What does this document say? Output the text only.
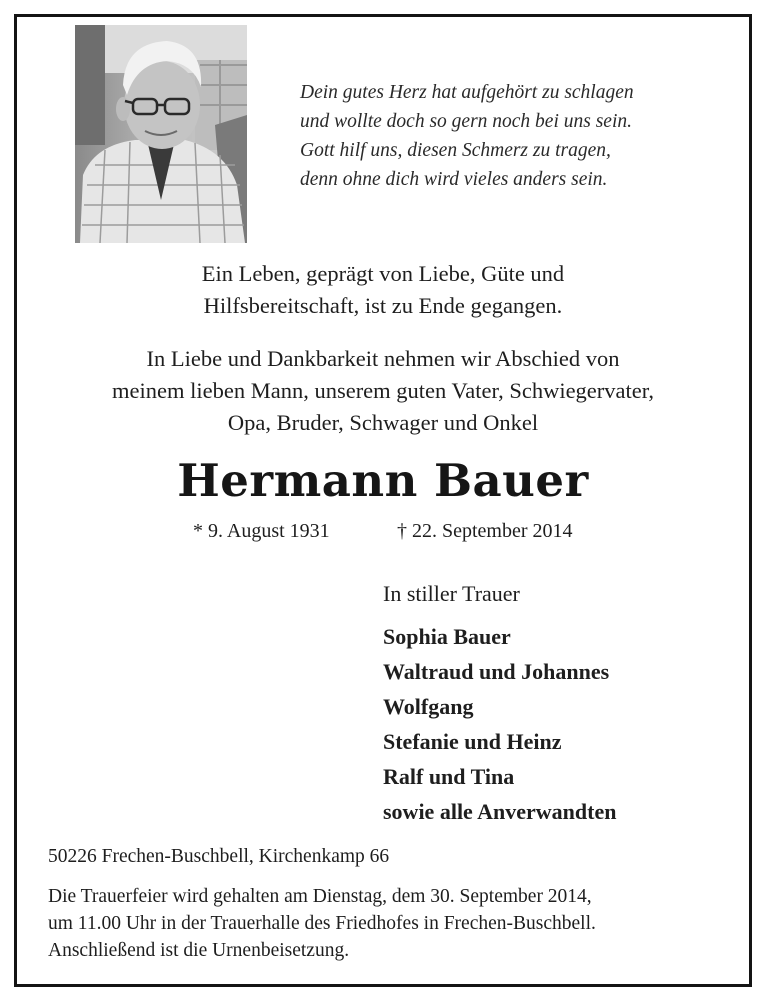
Dein gutes Herz hat aufgehört zu schlagen
und wollte doch so gern noch bei uns sein.
Gott hilf uns, diesen Schmerz zu tragen,
denn ohne dich wird vieles anders sein.
Ein Leben, geprägt von Liebe, Güte und
Hilfsbereitschaft, ist zu Ende gegangen.
In Liebe und Dankbarkeit nehmen wir Abschied von
meinem lieben Mann, unserem guten Vater, Schwiegervater,
Opa, Bruder, Schwager und Onkel
Hermann Bauer
* 9. August 1931	† 22. September 2014
In stiller Trauer
Sophia Bauer
Waltraud und Johannes
Wolfgang
Stefanie und Heinz
Ralf und Tina
sowie alle Anverwandten
50226 Frechen-Buschbell, Kirchenkamp 66
Die Trauerfeier wird gehalten am Dienstag, dem 30. September 2014,
um 11.00 Uhr in der Trauerhalle des Friedhofes in Frechen-Buschbell.
Anschließend ist die Urnenbeisetzung.
